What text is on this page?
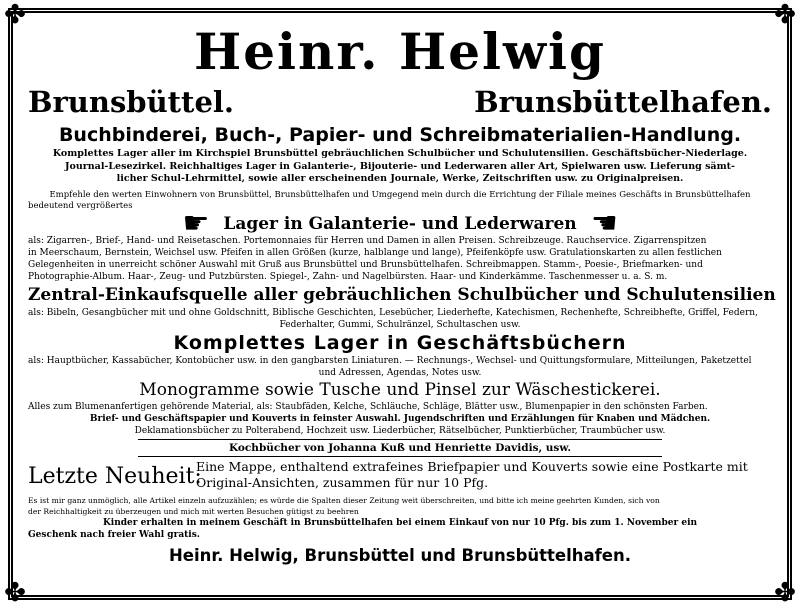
✤	✤
✤	✤
Heinr. Helwig
Brunsbüttel.	Brunsbüttelhafen.
Buchbinderei, Buch-, Papier- und Schreibmaterialien-Handlung.
Komplettes Lager aller im Kirchspiel Brunsbüttel gebräuchlichen Schulbücher und Schulutensilien. Geschäftsbücher-Niederlage.
Journal-Lesezirkel. Reichhaltiges Lager in Galanterie-, Bijouterie- und Lederwaren aller Art, Spielwaren usw. Lieferung sämt-
licher Schul-Lehrmittel, sowie aller erscheinenden Journale, Werke, Zeitschriften usw. zu Originalpreisen.
Empfehle den werten Einwohnern von Brunsbüttel, Brunsbüttelhafen und Umgegend mein durch die Errichtung der Filiale meines Geschäfts in Brunsbüttelhafen
bedeutend vergrößertes	☛ Lager in Galanterie- und Lederwaren ☛
als: Zigarren-, Brief-, Hand- und Reisetaschen. Portemonnaies für Herren und Damen in allen Preisen. Schreibzeuge. Rauchservice. Zigarrenspitzen
in Meerschaum, Bernstein, Weichsel usw. Pfeifen in allen Größen (kurze, halblange und lange), Pfeifenköpfe usw. Gratulationskarten zu allen festlichen
Gelegenheiten in unerreicht schöner Auswahl mit Gruß aus Brunsbüttel und Brunsbüttelhafen. Schreibmappen. Stamm-, Poesie-, Briefmarken- und
Photographie-Album. Haar-, Zeug- und Putzbürsten. Spiegel-, Zahn- und Nagelbürsten. Haar- und Kinderkämme. Taschenmesser u. a. S. m.
Zentral-Einkaufsquelle aller gebräuchlichen Schulbücher und Schulutensilien
als: Bibeln, Gesangbücher mit und ohne Goldschnitt, Biblische Geschichten, Lesebücher, Liederhefte, Katechismen, Rechenhefte, Schreibhefte, Griffel, Federn,
Federhalter, Gummi, Schulränzel, Schultaschen usw.
Komplettes Lager in Geschäftsbüchern
als: Hauptbücher, Kassabücher, Kontobücher usw. in den gangbarsten Liniaturen. — Rechnungs-, Wechsel- und Quittungsformulare, Mitteilungen, Paketzettel
und Adressen, Agendas, Notes usw.
Monogramme sowie Tusche und Pinsel zur Wäschestickerei.
Alles zum Blumenanfertigen gehörende Material, als: Staubfäden, Kelche, Schläuche, Schläge, Blätter usw., Blumenpapier in den schönsten Farben.
Brief- und Geschäftspapier und Kouverts in feinster Auswahl. Jugendschriften und Erzählungen für Knaben und Mädchen.
Deklamationsbücher zu Polterabend, Hochzeit usw. Liederbücher, Rätselbücher, Punktierbücher, Traumbücher usw.
Kochbücher von Johanna Kuß und Henriette Davidis, usw.
Letzte Neuheit:
Eine Mappe, enthaltend extrafeines Briefpapier und Kouverts sowie eine Postkarte mit
Original-Ansichten, zusammen für nur 10 Pfg.
Es ist mir ganz unmöglich, alle Artikel einzeln aufzuzählen; es würde die Spalten dieser Zeitung weit überschreiten, und bitte ich meine geehrten Kunden, sich von
der Reichhaltigkeit zu überzeugen und mich mit werten Besuchen gütigst zu beehren
Kinder erhalten in meinem Geschäft in Brunsbüttelhafen bei einem Einkauf von nur 10 Pfg. bis zum 1. November ein
Geschenk nach freier Wahl gratis.
Heinr. Helwig, Brunsbüttel und Brunsbüttelhafen.
